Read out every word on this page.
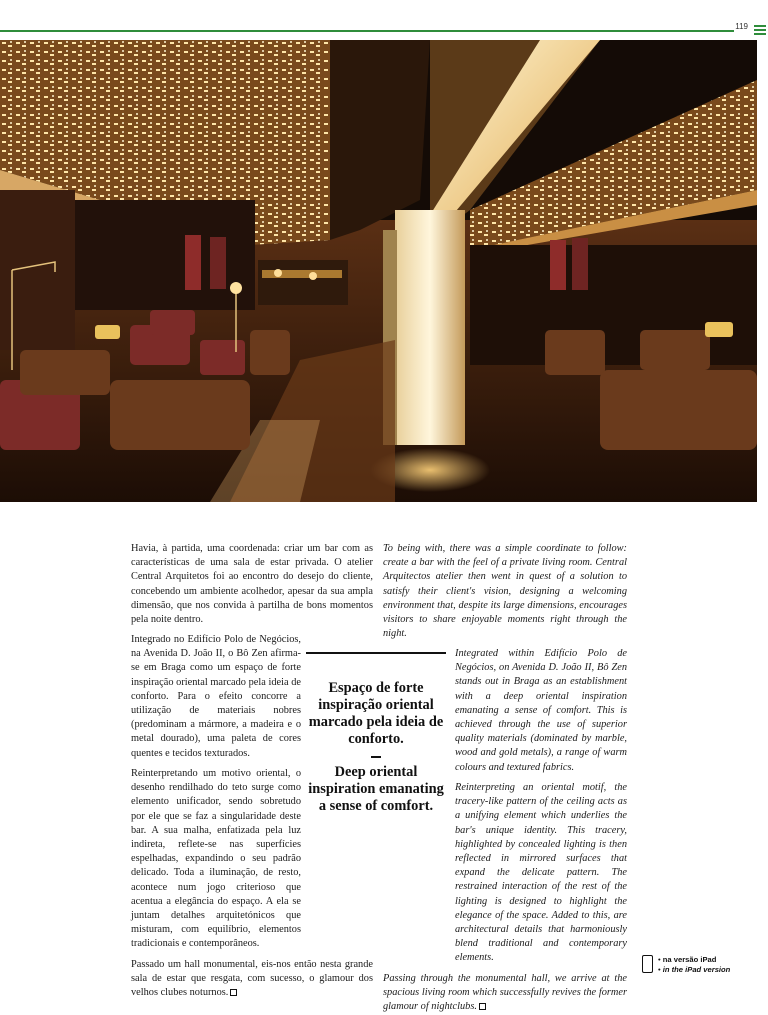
119
Havia, à partida, uma coordenada: criar um bar com as características de uma sala de estar privada. O atelier Central Arquitetos foi ao encontro do desejo do cliente, concebendo um ambiente acolhedor, apesar da sua ampla dimensão, que nos convida à partilha de bons momentos pela noite dentro.
Integrado no Edifício Polo de Negócios, na Avenida D. João II, o Bô Zen afirma-se em Braga como um espaço de forte inspiração oriental marcado pela ideia de conforto. Para o efeito concorre a utilização de materiais nobres (predominam a mármore, a madeira e o metal dourado), uma paleta de cores quentes e tecidos texturados.
Reinterpretando um motivo oriental, o desenho rendilhado do teto surge como elemento unificador, sendo sobretudo por ele que se faz a singularidade deste bar. A sua malha, enfatizada pela luz indireta, reflete-se nas superfícies espelhadas, expandindo o seu padrão delicado. Toda a iluminação, de resto, acontece num jogo criterioso que acentua a elegância do espaço. A ela se juntam detalhes arquitetónicos que misturam, com equilíbrio, elementos tradicionais e contemporâneos.
Passado um hall monumental, eis-nos então nesta grande sala de estar que resgata, com sucesso, o glamour dos velhos clubes noturnos.
To being with, there was a simple coordinate to follow: create a bar with the feel of a private living room. Central Arquitectos atelier then went in quest of a solution to satisfy their client's vision, designing a welcoming environment that, despite its large dimensions, encourages visitors to share enjoyable moments right through the night.
Integrated within Edifício Polo de Negócios, on Avenida D. João II, Bô Zen stands out in Braga as an establishment with a deep oriental inspiration emanating a sense of comfort. This is achieved through the use of superior quality materials (dominated by marble, wood and gold metals), a range of warm colours and textured fabrics.
Reinterpreting an oriental motif, the tracery-like pattern of the ceiling acts as a unifying element which underlies the bar's unique identity. This tracery, highlighted by concealed lighting is then reflected in mirrored surfaces that expand the delicate pattern. The restrained interaction of the rest of the lighting is designed to highlight the elegance of the space. Added to this, are architectural details that harmoniously blend traditional and contemporary elements.
Passing through the monumental hall, we arrive at the spacious living room which successfully revives the former glamour of nightclubs.
Espaço de forte inspiração oriental marcado pela ideia de conforto.
Deep oriental inspiration emanating a sense of comfort.
• na versão iPad
• in the iPad version
